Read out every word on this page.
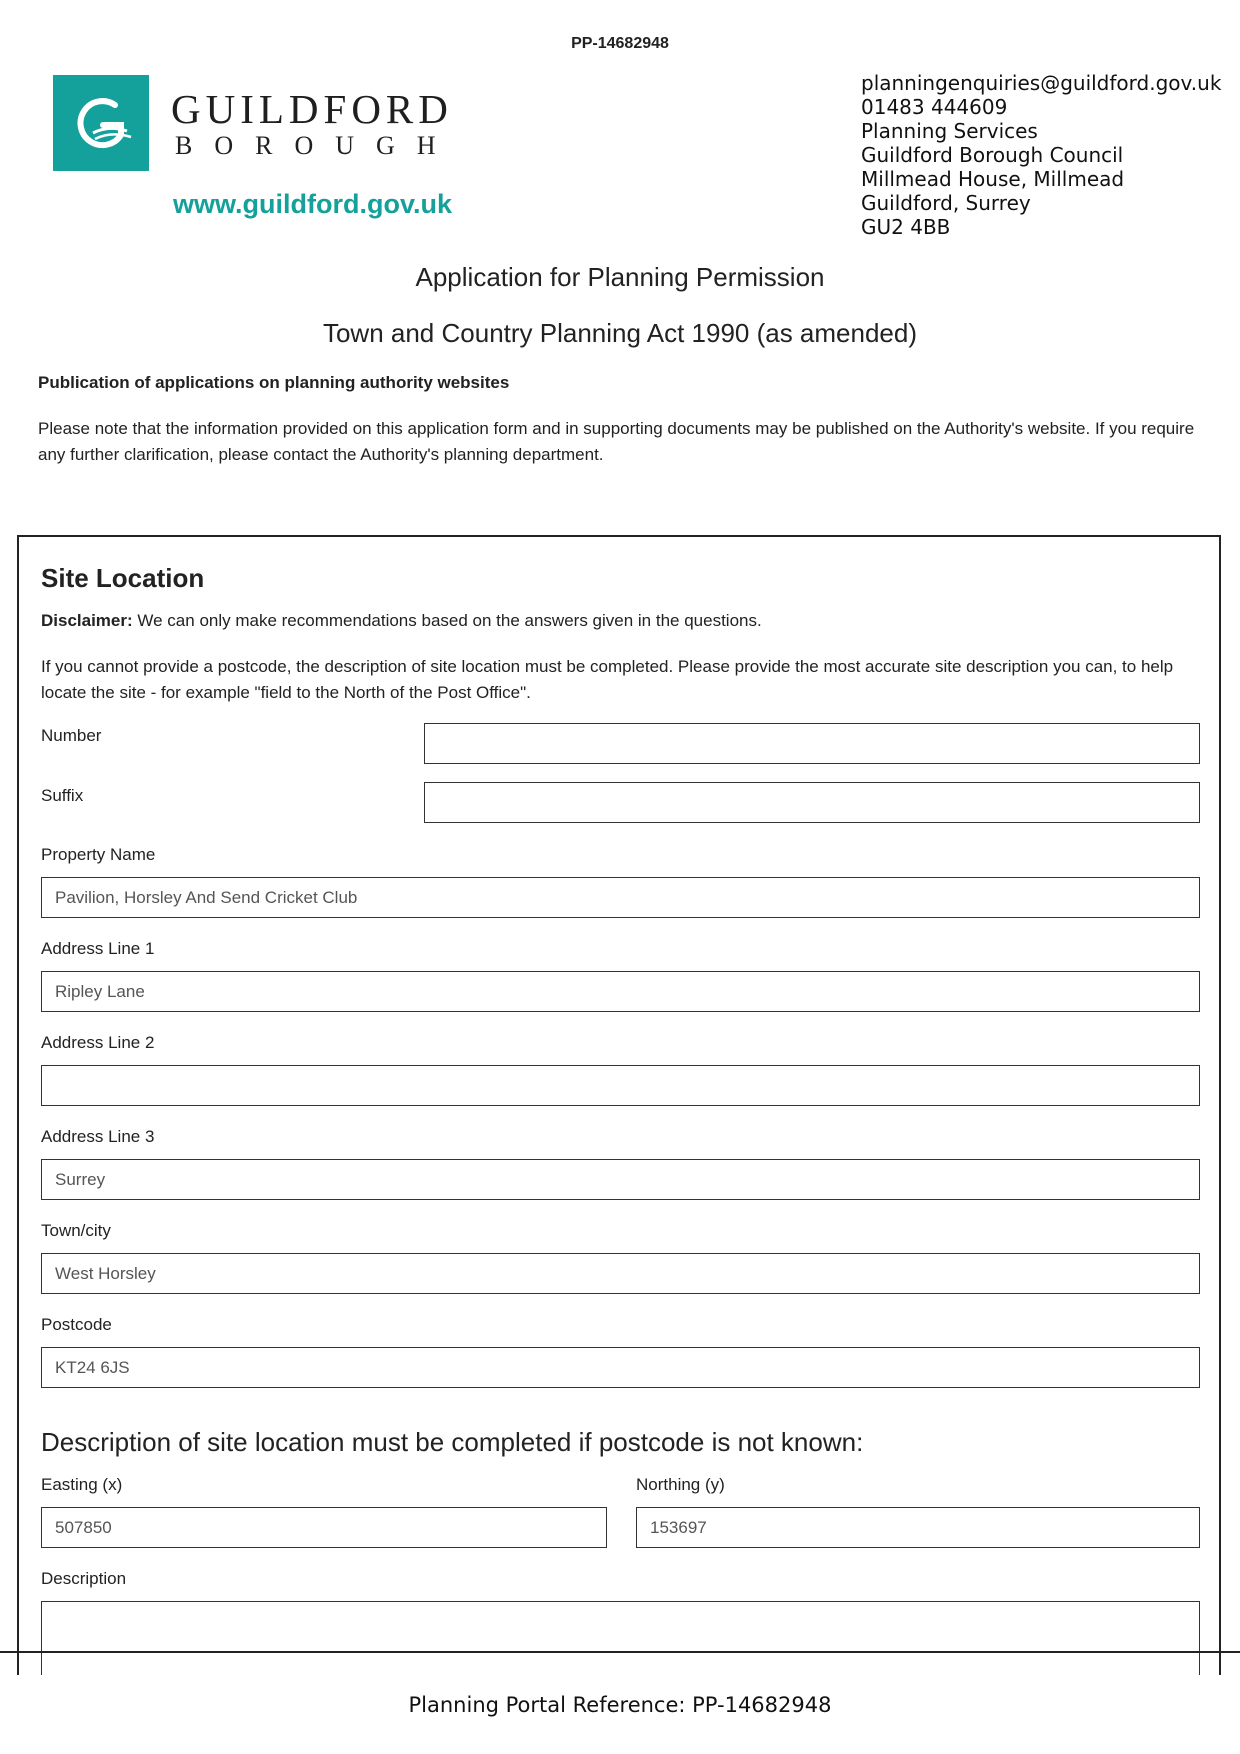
PP-14682948
GUILDFORD
BOROUGH
www.guildford.gov.uk
planningenquiries@guildford.gov.uk
01483 444609
Planning Services
Guildford Borough Council
Millmead House, Millmead
Guildford, Surrey
GU2 4BB
Application for Planning Permission
Town and Country Planning Act 1990 (as amended)
Publication of applications on planning authority websites
Please note that the information provided on this application form and in supporting documents may be published on the Authority's website. If you require any further clarification, please contact the Authority's planning department.
Site Location
Disclaimer: We can only make recommendations based on the answers given in the questions.
If you cannot provide a postcode, the description of site location must be completed. Please provide the most accurate site description you can, to help locate the site - for example "field to the North of the Post Office".
Number
Suffix
Property Name
Pavilion, Horsley And Send Cricket Club
Address Line 1
Ripley Lane
Address Line 2
Address Line 3
Surrey
Town/city
West Horsley
Postcode
KT24 6JS
Description of site location must be completed if postcode is not known:
Easting (x)
507850
Northing (y)
153697
Description
Planning Portal Reference: PP-14682948
